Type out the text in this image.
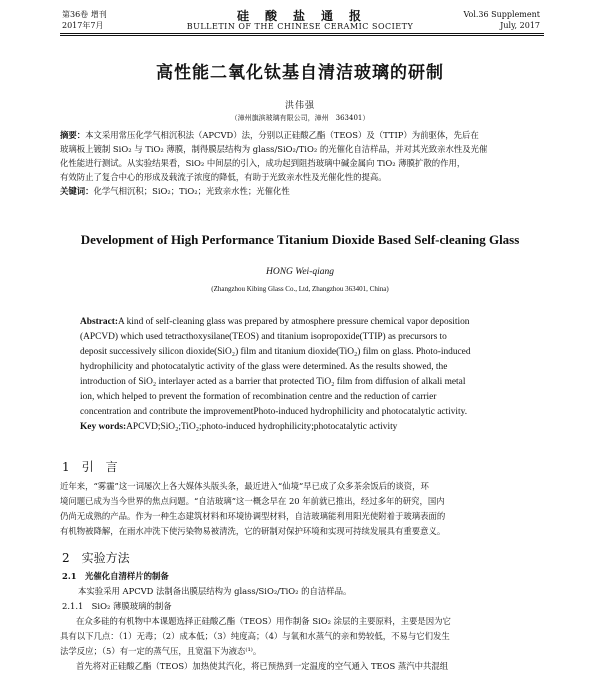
第36卷 增刊
2017年7月
硅　酸　盐　通　报
BULLETIN OF THE CHINESE CERAMIC SOCIETY
Vol.36 Supplement
July, 2017
高性能二氧化钛基自清洁玻璃的研制
洪伟强
（漳州旗滨玻璃有限公司，漳州　363401）
摘要：本文采用常压化学气相沉积法（APCVD）法，分别以正硅酸乙酯（TEOS）及（TTIP）为前驱体，先后在
玻璃板上镀制 SiO₂ 与 TiO₂ 薄膜，制得膜层结构为 glass/SiO₂/TiO₂ 的光催化自洁样品，并对其光致亲水性及光催
化性能进行测试。从实验结果看，SiO₂ 中间层的引入，成功起到阻挡玻璃中碱金属向 TiO₂ 薄膜扩散的作用，
有效防止了复合中心的形成及载流子浓度的降低，有助于光致亲水性及光催化性的提高。
关键词：化学气相沉积；SiO₂；TiO₂；光致亲水性；光催化性
Development of High Performance Titanium Dioxide Based Self-cleaning Glass
HONG Wei-qiang
(Zhangzhou Kibing Glass Co., Ltd, Zhangzhou 363401, China)
Abstract:A kind of self-cleaning glass was prepared by atmosphere pressure chemical vapor deposition
(APCVD) which used tetracthoxysilane(TEOS) and titanium isopropoxide(TTIP) as precursors to
deposit successively silicon dioxide(SiO₂) film and titanium dioxide(TiO₂) film on glass. Photo-induced
hydrophilicity and photocatalytic activity of the glass were determined. As the results showed, the
introduction of SiO₂ interlayer acted as a barrier that protected TiO₂ film from diffusion of alkali metal
ion, which helped to prevent the formation of recombination centre and the reduction of carrier
concentration and contribute the improvementPhoto-induced hydrophilicity and photocatalytic activity.
Key words:APCVD;SiO₂;TiO₂;photo-induced hydrophilicity;photocatalytic activity
1　引　言
近年来，“雾霾”这一词屡次上各大媒体头版头条，最近进入“仙境”早已成了众多茶余饭后的谈资，环
境问题已成为当今世界的焦点问题。“自洁玻璃”这一概念早在 20 年前就已推出，经过多年的研究，国内
仍尚无成熟的产品。作为一种生态建筑材料和环境协调型材料，自洁玻璃能利用阳光使附着于玻璃表面的
有机物被降解，在雨水冲洗下使污染物易被清洗，它的研制对保护环境和实现可持续发展具有重要意义。
2　实验方法
2.1　光催化自清样片的制备
本实验采用 APCVD 法制备出膜层结构为 glass/SiO₂/TiO₂ 的自洁样品。
2.1.1　SiO₂ 薄膜玻璃的制备
在众多硅的有机物中本课题选择正硅酸乙酯（TEOS）用作制备 SiO₂ 涂层的主要原料，主要是因为它
具有以下几点：（1）无毒；（2）成本低；（3）纯度高；（4）与氧和水蒸气的亲和势较低，不易与它们发生
法学反应；（5）有一定的蒸气压，且宽温下为液态⁽¹⁾。
首先将对正硅酸乙酯（TEOS）加热使其汽化，将已预热到一定温度的空气通入 TEOS 蒸汽中共混组
